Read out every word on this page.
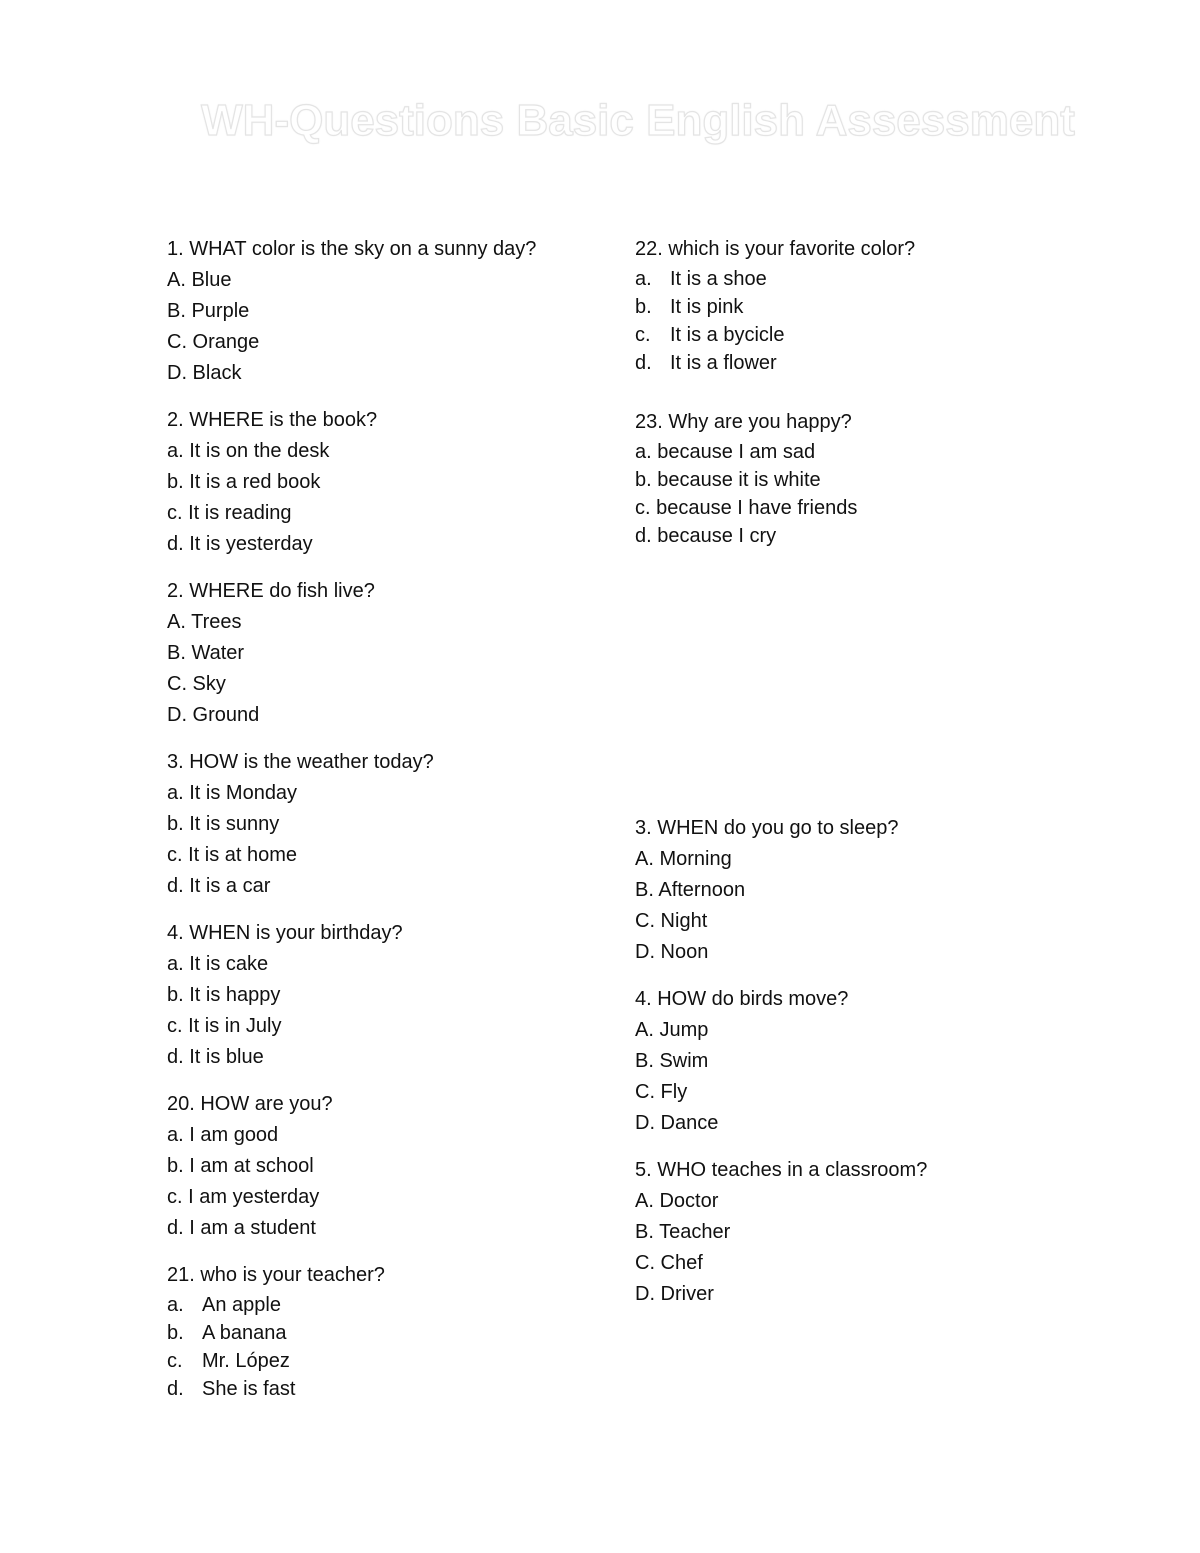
WH-Questions Basic English Assessment
1. WHAT color is the sky on a sunny day?
A. Blue
B. Purple
C. Orange
D. Black
2. WHERE is the book?
a. It is on the desk
b. It is a red book
c. It is reading
d. It is yesterday
2. WHERE do fish live?
A. Trees
B. Water
C. Sky
D. Ground
3. HOW is the weather today?
a. It is Monday
b. It is sunny
c. It is at home
d. It is a car
4. WHEN is your birthday?
a. It is cake
b. It is happy
c. It is in July
d. It is blue
20. HOW are you?
a. I am good
b. I am at school
c. I am yesterday
d. I am a student
21. who is your teacher?
a. An apple
b. A banana
c. Mr. López
d. She is fast
22. which is your favorite color?
a. It is a shoe
b. It is pink
c. It is a bycicle
d. It is a flower
23. Why are you happy?
a. because I am sad
b. because it is white
c. because I have friends
d. because I cry
3. WHEN do you go to sleep?
A. Morning
B. Afternoon
C. Night
D. Noon
4. HOW do birds move?
A. Jump
B. Swim
C. Fly
D. Dance
5. WHO teaches in a classroom?
A. Doctor
B. Teacher
C. Chef
D. Driver
